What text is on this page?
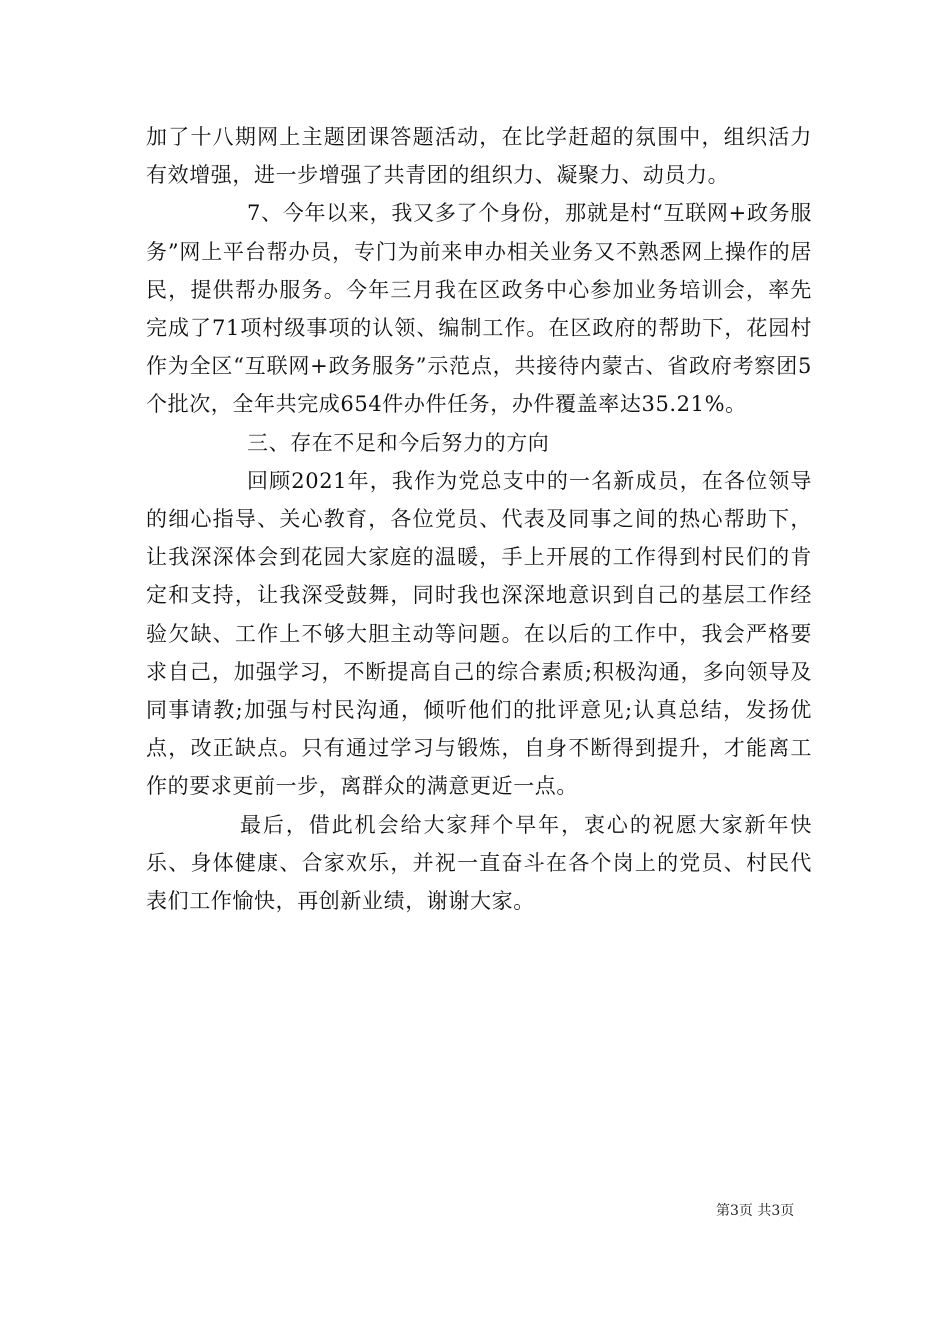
加了十八期网上主题团课答题活动，在比学赶超的氛围中，组织活力有效增强，进一步增强了共青团的组织力、凝聚力、动员力。

7、今年以来，我又多了个身份，那就是村“互联网+政务服务”网上平台帮办员，专门为前来申办相关业务又不熟悉网上操作的居民，提供帮办服务。今年三月我在区政务中心参加业务培训会，率先完成了71项村级事项的认领、编制工作。在区政府的帮助下，花园村作为全区“互联网+政务服务”示范点，共接待内蒙古、省政府考察团5个批次，全年共完成654件办件任务，办件覆盖率达35.21%。

三、存在不足和今后努力的方向

回顾2021年，我作为党总支中的一名新成员，在各位领导的细心指导、关心教育，各位党员、代表及同事之间的热心帮助下，让我深深体会到花园大家庭的温暖，手上开展的工作得到村民们的肯定和支持，让我深受鼓舞，同时我也深深地意识到自己的基层工作经验欠缺、工作上不够大胆主动等问题。在以后的工作中，我会严格要求自己，加强学习，不断提高自己的综合素质;积极沟通，多向领导及同事请教;加强与村民沟通，倾听他们的批评意见;认真总结，发扬优点，改正缺点。只有通过学习与锻炼，自身不断得到提升，才能离工作的要求更前一步，离群众的满意更近一点。

最后，借此机会给大家拜个早年，衷心的祝愿大家新年快乐、身体健康、合家欢乐，并祝一直奋斗在各个岗上的党员、村民代表们工作愉快，再创新业绩，谢谢大家。

第3页 共3页
